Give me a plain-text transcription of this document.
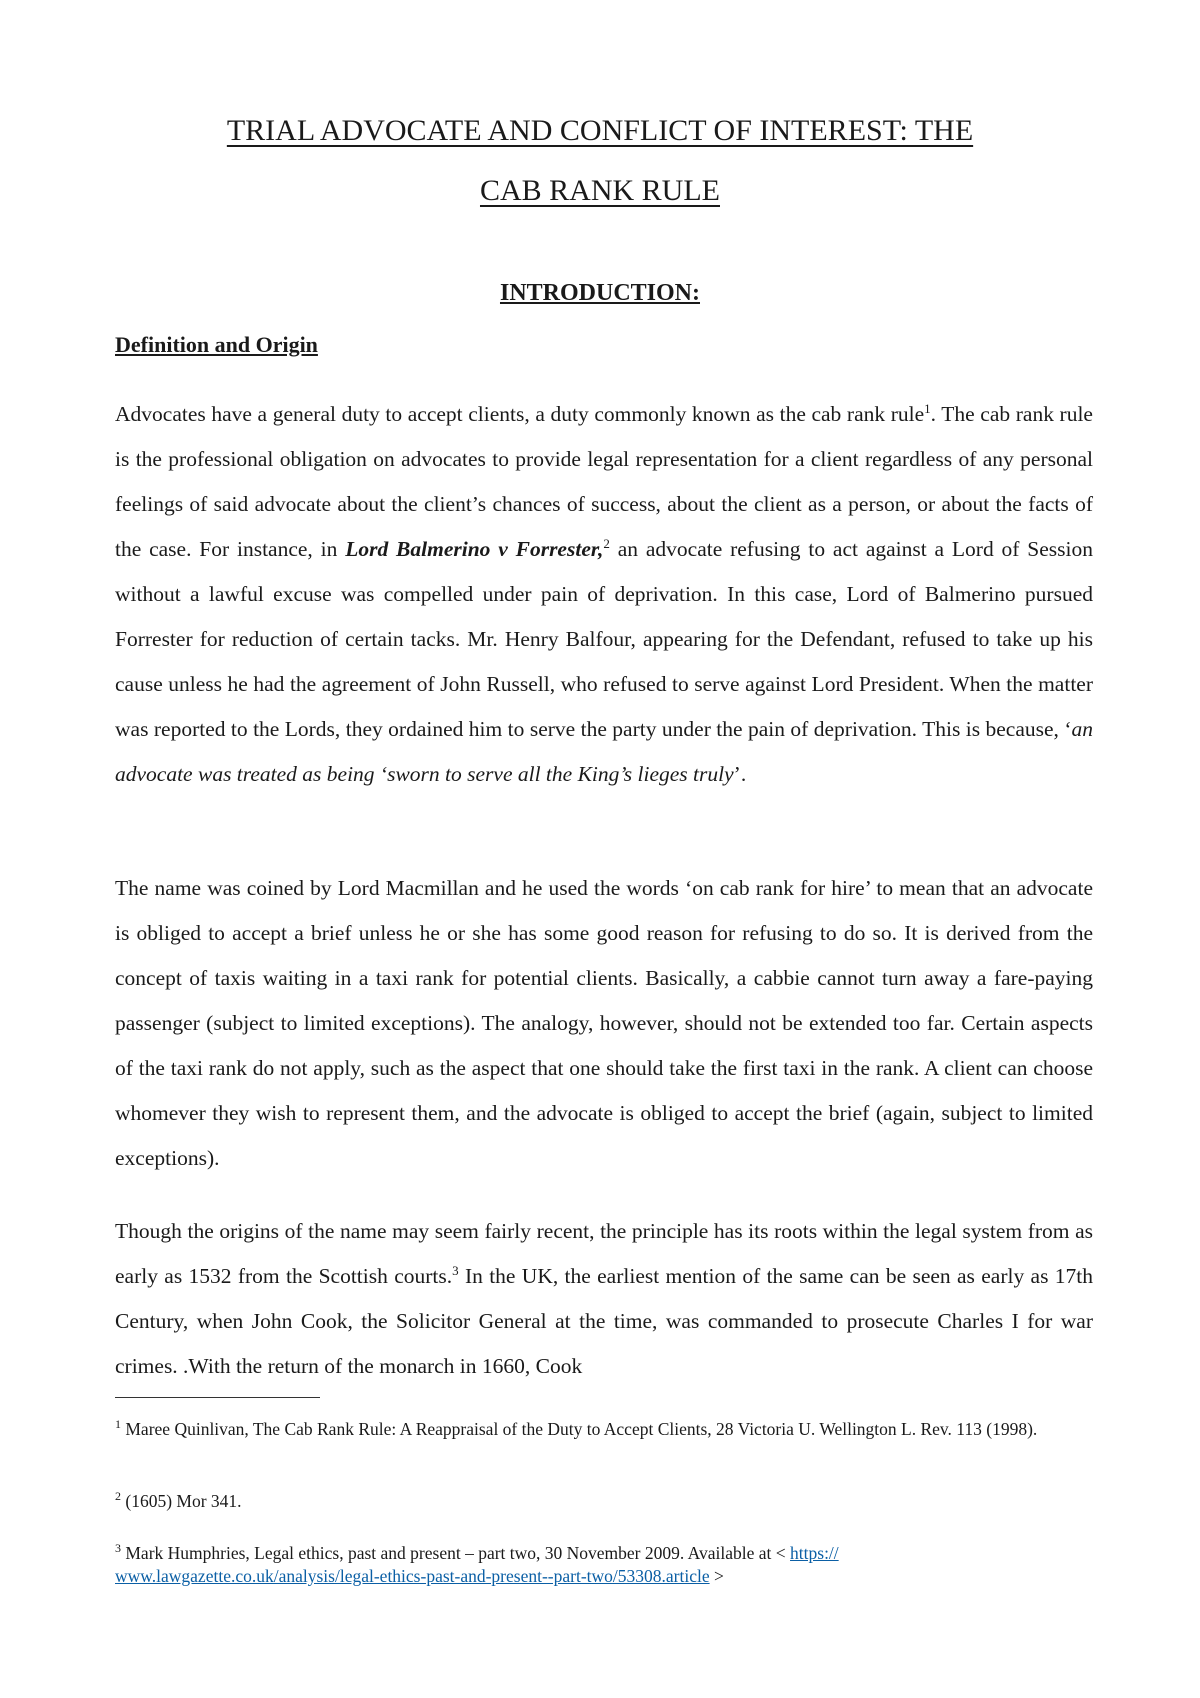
TRIAL ADVOCATE AND CONFLICT OF INTEREST: THE
CAB RANK RULE
INTRODUCTION:
Definition and Origin

Advocates have a general duty to accept clients, a duty commonly known as the cab rank rule$^1$. The cab rank rule is the professional obligation on advocates to provide legal representation for a client regardless of any personal feelings of said advocate about the client’s chances of success, about the client as a person, or about the facts of the case. For instance, in Lord Balmerino v Forrester,$^2$ an advocate refusing to act against a Lord of Session without a lawful excuse was compelled under pain of deprivation. In this case, Lord of Balmerino pursued Forrester for reduction of certain tacks. Mr. Henry Balfour, appearing for the Defendant, refused to take up his cause unless he had the agreement of John Russell, who refused to serve against Lord President. When the matter was reported to the Lords, they ordained him to serve the party under the pain of deprivation. This is because, ‘an advocate was treated as being ‘sworn to serve all the King’s lieges truly’.

The name was coined by Lord Macmillan and he used the words ‘on cab rank for hire’ to mean that an advocate is obliged to accept a brief unless he or she has some good reason for refusing to do so. It is derived from the concept of taxis waiting in a taxi rank for potential clients. Basically, a cabbie cannot turn away a fare-paying passenger (subject to limited exceptions). The analogy, however, should not be extended too far. Certain aspects of the taxi rank do not apply, such as the aspect that one should take the first taxi in the rank. A client can choose whomever they wish to represent them, and the advocate is obliged to accept the brief (again, subject to limited exceptions).

Though the origins of the name may seem fairly recent, the principle has its roots within the legal system from as early as 1532 from the Scottish courts.$^3$ In the UK, the earliest mention of the same can be seen as early as 17th Century, when John Cook, the Solicitor General at the time, was commanded to prosecute Charles I for war crimes. .With the return of the monarch in 1660, Cook

$^1$ Maree Quinlivan, The Cab Rank Rule: A Reappraisal of the Duty to Accept Clients, 28 Victoria U. Wellington L. Rev. 113 (1998).

$^2$ (1605) Mor 341.

$^3$ Mark Humphries, Legal ethics, past and present – part two, 30 November 2009. Available at < https:// www.lawgazette.co.uk/analysis/legal-ethics-past-and-present--part-two/53308.article >
